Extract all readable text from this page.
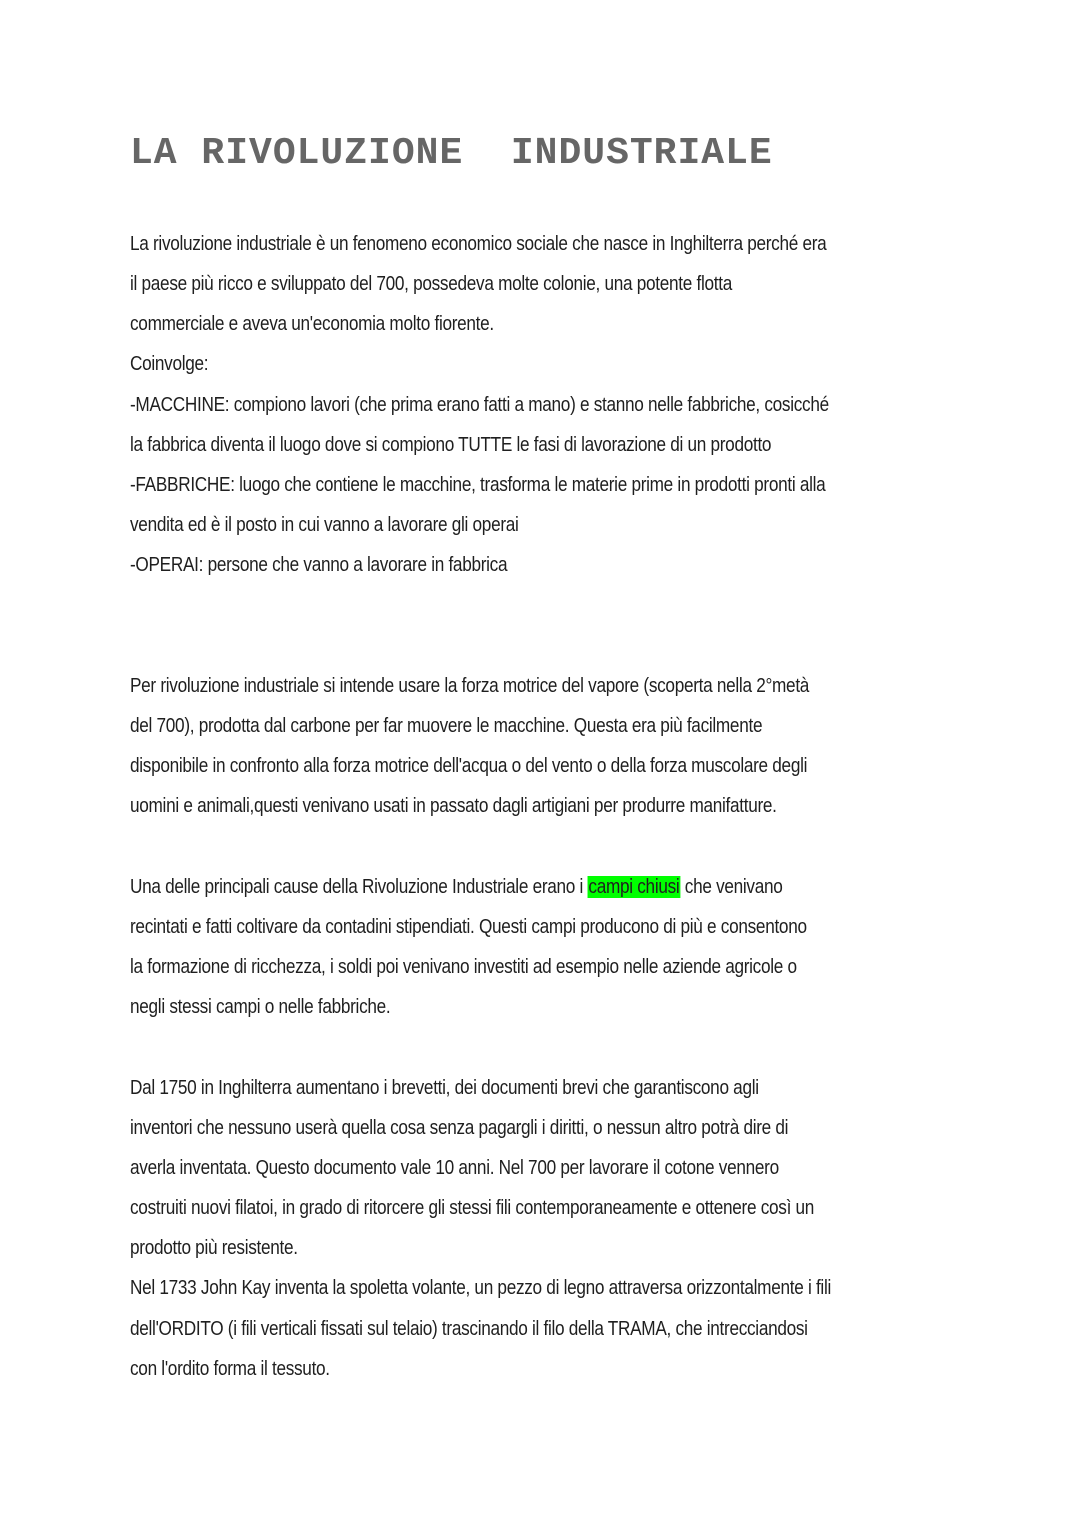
LA RIVOLUZIONE  INDUSTRIALE
La rivoluzione industriale è un fenomeno economico sociale che nasce in Inghilterra perché era
il paese più ricco e sviluppato del 700, possedeva molte colonie, una potente flotta
commerciale e aveva un'economia molto fiorente.
Coinvolge:
-MACCHINE: compiono lavori (che prima erano fatti a mano) e stanno nelle fabbriche, cosicché
la fabbrica diventa il luogo dove si compiono TUTTE le fasi di lavorazione di un prodotto
-FABBRICHE: luogo che contiene le macchine, trasforma le materie prime in prodotti pronti alla
vendita ed è il posto in cui vanno a lavorare gli operai
-OPERAI: persone che vanno a lavorare in fabbrica
Per rivoluzione industriale si intende usare la forza motrice del vapore (scoperta nella 2°metà
del 700), prodotta dal carbone per far muovere le macchine. Questa era più facilmente
disponibile in confronto alla forza motrice dell'acqua o del vento o della forza muscolare degli
uomini e animali,questi venivano usati in passato dagli artigiani per produrre manifatture.
Una delle principali cause della Rivoluzione Industriale erano i campi chiusi che venivano
recintati e fatti coltivare da contadini stipendiati. Questi campi producono di più e consentono
la formazione di ricchezza, i soldi poi venivano investiti ad esempio nelle aziende agricole o
negli stessi campi o nelle fabbriche.
Dal 1750 in Inghilterra aumentano i brevetti, dei documenti brevi che garantiscono agli
inventori che nessuno userà quella cosa senza pagargli i diritti, o nessun altro potrà dire di
averla inventata. Questo documento vale 10 anni. Nel 700 per lavorare il cotone vennero
costruiti nuovi filatoi, in grado di ritorcere gli stessi fili contemporaneamente e ottenere così un
prodotto più resistente.
Nel 1733 John Kay inventa la spoletta volante, un pezzo di legno attraversa orizzontalmente i fili
dell'ORDITO (i fili verticali fissati sul telaio) trascinando il filo della TRAMA, che intrecciandosi
con l'ordito forma il tessuto.
